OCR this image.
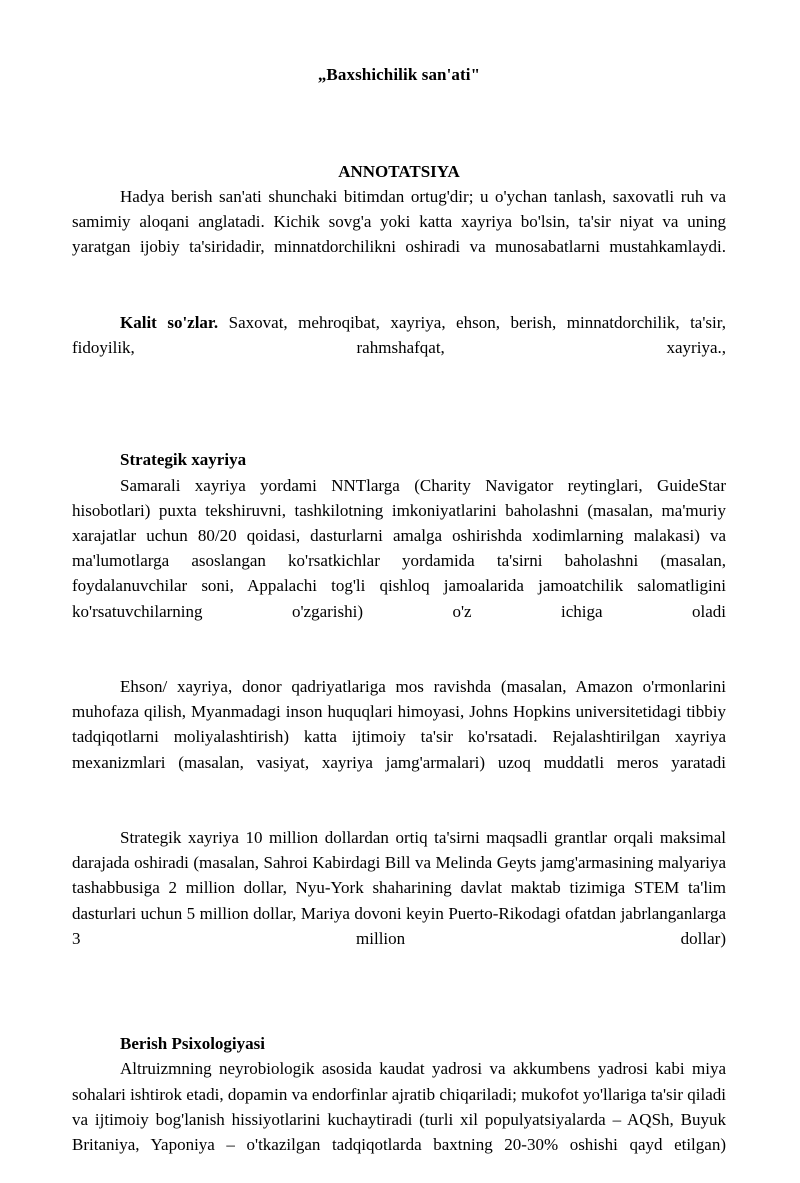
„Baxshichilik san'ati"
ANNOTATSIYA

Hadya berish san'ati shunchaki bitimdan ortug'dir; u o'ychan tanlash, saxovatli ruh va samimiy aloqani anglatadi. Kichik sovg'a yoki katta xayriya bo'lsin, ta'sir niyat va uning yaratgan ijobiy ta'siridadir, minnatdorchilikni oshiradi va munosabatlarni mustahkamlaydi.

Kalit so'zlar. Saxovat, mehroqibat, xayriya, ehson, berish, minnatdorchilik, ta'sir, fidoyilik, rahmshafqat, xayriya.,

Strategik xayriya

Samarali xayriya yordami NNTlarga (Charity Navigator reytinglari, GuideStar hisobotlari) puxta tekshiruvni, tashkilotning imkoniyatlarini baholashni (masalan, ma'muriy xarajatlar uchun 80/20 qoidasi, dasturlarni amalga oshirishda xodimlarning malakasi) va ma'lumotlarga asoslangan ko'rsatkichlar yordamida ta'sirni baholashni (masalan, foydalanuvchilar soni, Appalachi tog'li qishloq jamoalarida jamoatchilik salomatligini ko'rsatuvchilarning o'zgarishi) o'z ichiga oladi

Ehson/ xayriya, donor qadriyatlariga mos ravishda (masalan, Amazon o'rmonlarini muhofaza qilish, Myanmadagi inson huquqlari himoyasi, Johns Hopkins universitetidagi tibbiy tadqiqotlarni moliyalashtirish) katta ijtimoiy ta'sir ko'rsatadi. Rejalashtirilgan xayriya mexanizmlari (masalan, vasiyat, xayriya jamg'armalari) uzoq muddatli meros yaratadi

Strategik xayriya 10 million dollardan ortiq ta'sirni maqsadli grantlar orqali maksimal darajada oshiradi (masalan, Sahroi Kabirdagi Bill va Melinda Geyts jamg'armasining malyariya tashabbusiga 2 million dollar, Nyu-York shaharining davlat maktab tizimiga STEM ta'lim dasturlari uchun 5 million dollar, Mariya dovoni keyin Puerto-Rikodagi ofatdan jabrlanganlarga 3 million dollar)

Berish Psixologiyasi

Altruizmning neyrobiologik asosida kaudat yadrosi va akkumbens yadrosi kabi miya sohalari ishtirok etadi, dopamin va endorfinlar ajratib chiqariladi; mukofot yo'llariga ta'sir qiladi va ijtimoiy bog'lanish hissiyotlarini kuchaytiradi (turli xil populyatsiyalarda – AQSh, Buyuk Britaniya, Yaponiya – o'tkazilgan tadqiqotlarda baxtning 20-30% oshishi qayd etilgan)
